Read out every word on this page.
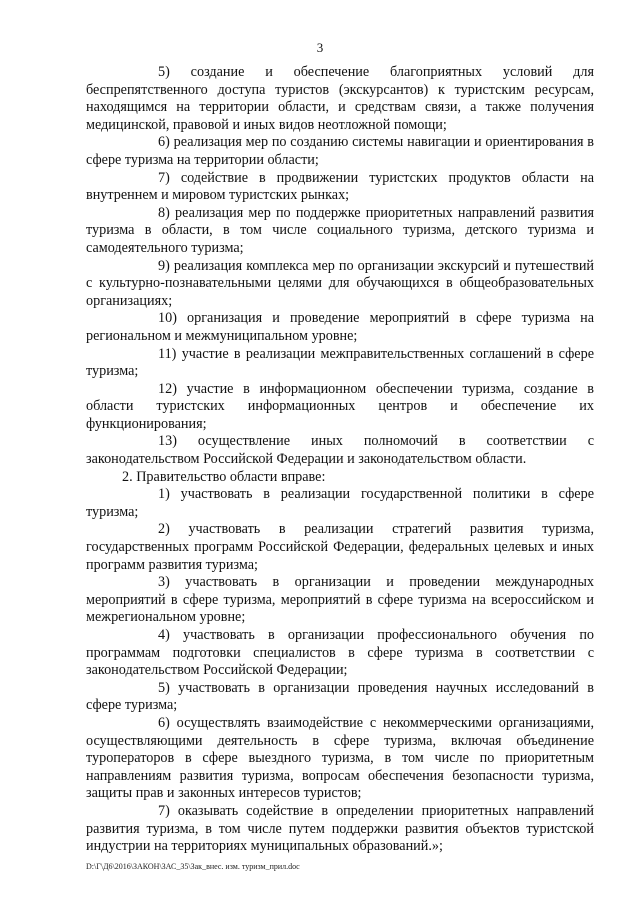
3

5) создание и обеспечение благоприятных условий для беспрепятственного доступа туристов (экскурсантов) к туристским ресурсам, находящимся на территории области, и средствам связи, а также получения медицинской, правовой и иных видов неотложной помощи;

6) реализация мер по созданию системы навигации и ориентирования в сфере туризма на территории области;

7) содействие в продвижении туристских продуктов области на внутреннем и мировом туристских рынках;

8) реализация мер по поддержке приоритетных направлений развития туризма в области, в том числе социального туризма, детского туризма и самодеятельного туризма;

9) реализация комплекса мер по организации экскурсий и путешествий с культурно-познавательными целями для обучающихся в общеобразовательных организациях;

10) организация и проведение мероприятий в сфере туризма на региональном и межмуниципальном уровне;

11) участие в реализации межправительственных соглашений в сфере туризма;

12) участие в информационном обеспечении туризма, создание в области туристских информационных центров и обеспечение их функционирования;

13) осуществление иных полномочий в соответствии с законодательством Российской Федерации и законодательством области.

2. Правительство области вправе:

1) участвовать в реализации государственной политики в сфере туризма;

2) участвовать в реализации стратегий развития туризма, государственных программ Российской Федерации, федеральных целевых и иных программ развития туризма;

3) участвовать в организации и проведении международных мероприятий в сфере туризма, мероприятий в сфере туризма на всероссийском и межрегиональном уровне;

4) участвовать в организации профессионального обучения по программам подготовки специалистов в сфере туризма в соответствии с законодательством Российской Федерации;

5) участвовать в организации проведения научных исследований в сфере туризма;

6) осуществлять взаимодействие с некоммерческими организациями, осуществляющими деятельность в сфере туризма, включая объединение туроператоров в сфере выездного туризма, в том числе по приоритетным направлениям развития туризма, вопросам обеспечения безопасности туризма, защиты прав и законных интересов туристов;

7) оказывать содействие в определении приоритетных направлений развития туризма, в том числе путем поддержки развития объектов туристской индустрии на территориях муниципальных образований.»;

D:\Г\Д6\2016\ЗАКОН\ЗАС_35\Зак_внес. изм. туризм_прил.doc
